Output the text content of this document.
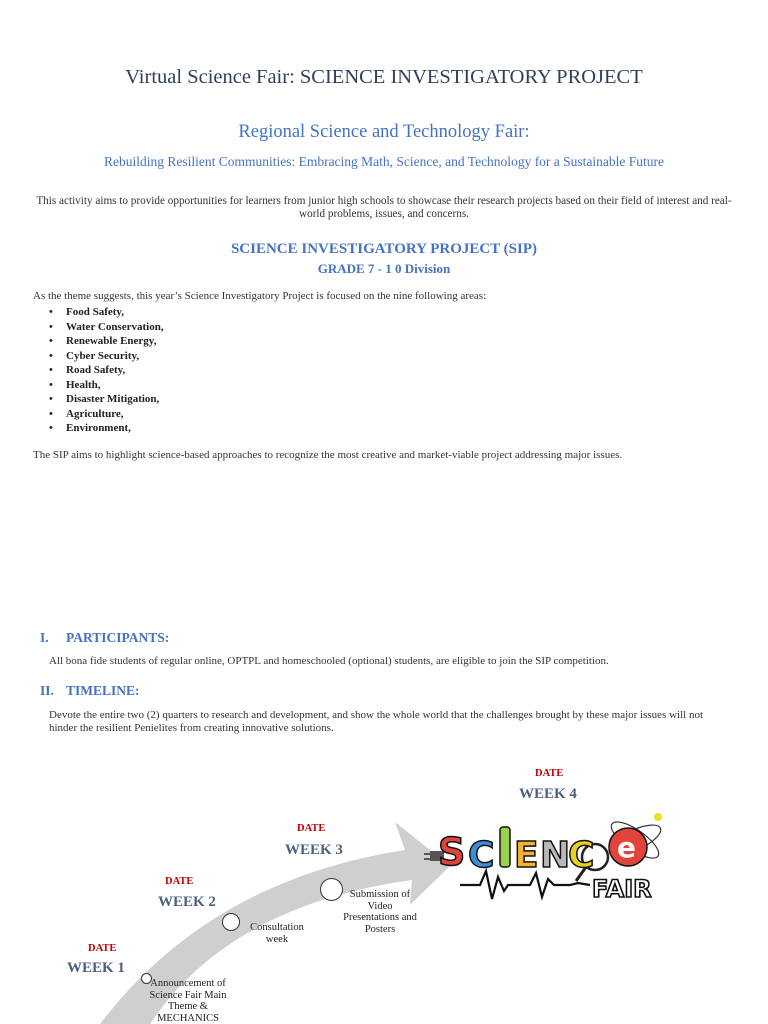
Virtual Science Fair: SCIENCE INVESTIGATORY PROJECT
Regional Science and Technology Fair:
Rebuilding Resilient Communities: Embracing Math, Science, and Technology for a Sustainable Future
This activity aims to provide opportunities for learners from junior high schools to showcase their research projects based on their field of interest and real-world problems, issues, and concerns.
SCIENCE INVESTIGATORY PROJECT (SIP)
GRADE 7 - 1 0 Division
As the theme suggests, this year’s Science Investigatory Project is focused on the nine following areas:
• Food Safety,
• Water Conservation,
• Renewable Energy,
• Cyber Security,
• Road Safety,
• Health,
• Disaster Mitigation,
• Agriculture,
• Environment,
The SIP aims to highlight science-based approaches to recognize the most creative and market-viable project addressing major issues.
I. PARTICIPANTS:
All bona fide students of regular online, OPTPL and homeschooled (optional) students, are eligible to join the SIP competition.
II. TIMELINE:
Devote the entire two (2) quarters to research and development, and show the whole world that the challenges brought by these major issues will not hinder the resilient Penielites from creating innovative solutions.
DATE
WEEK 4
DATE
WEEK 3
Submission of Video Presentations and Posters
DATE
WEEK 2
Consultation week
DATE
WEEK 1
Announcement of Science Fair Main Theme & MECHANICS
S C E N
C e
FAIR
